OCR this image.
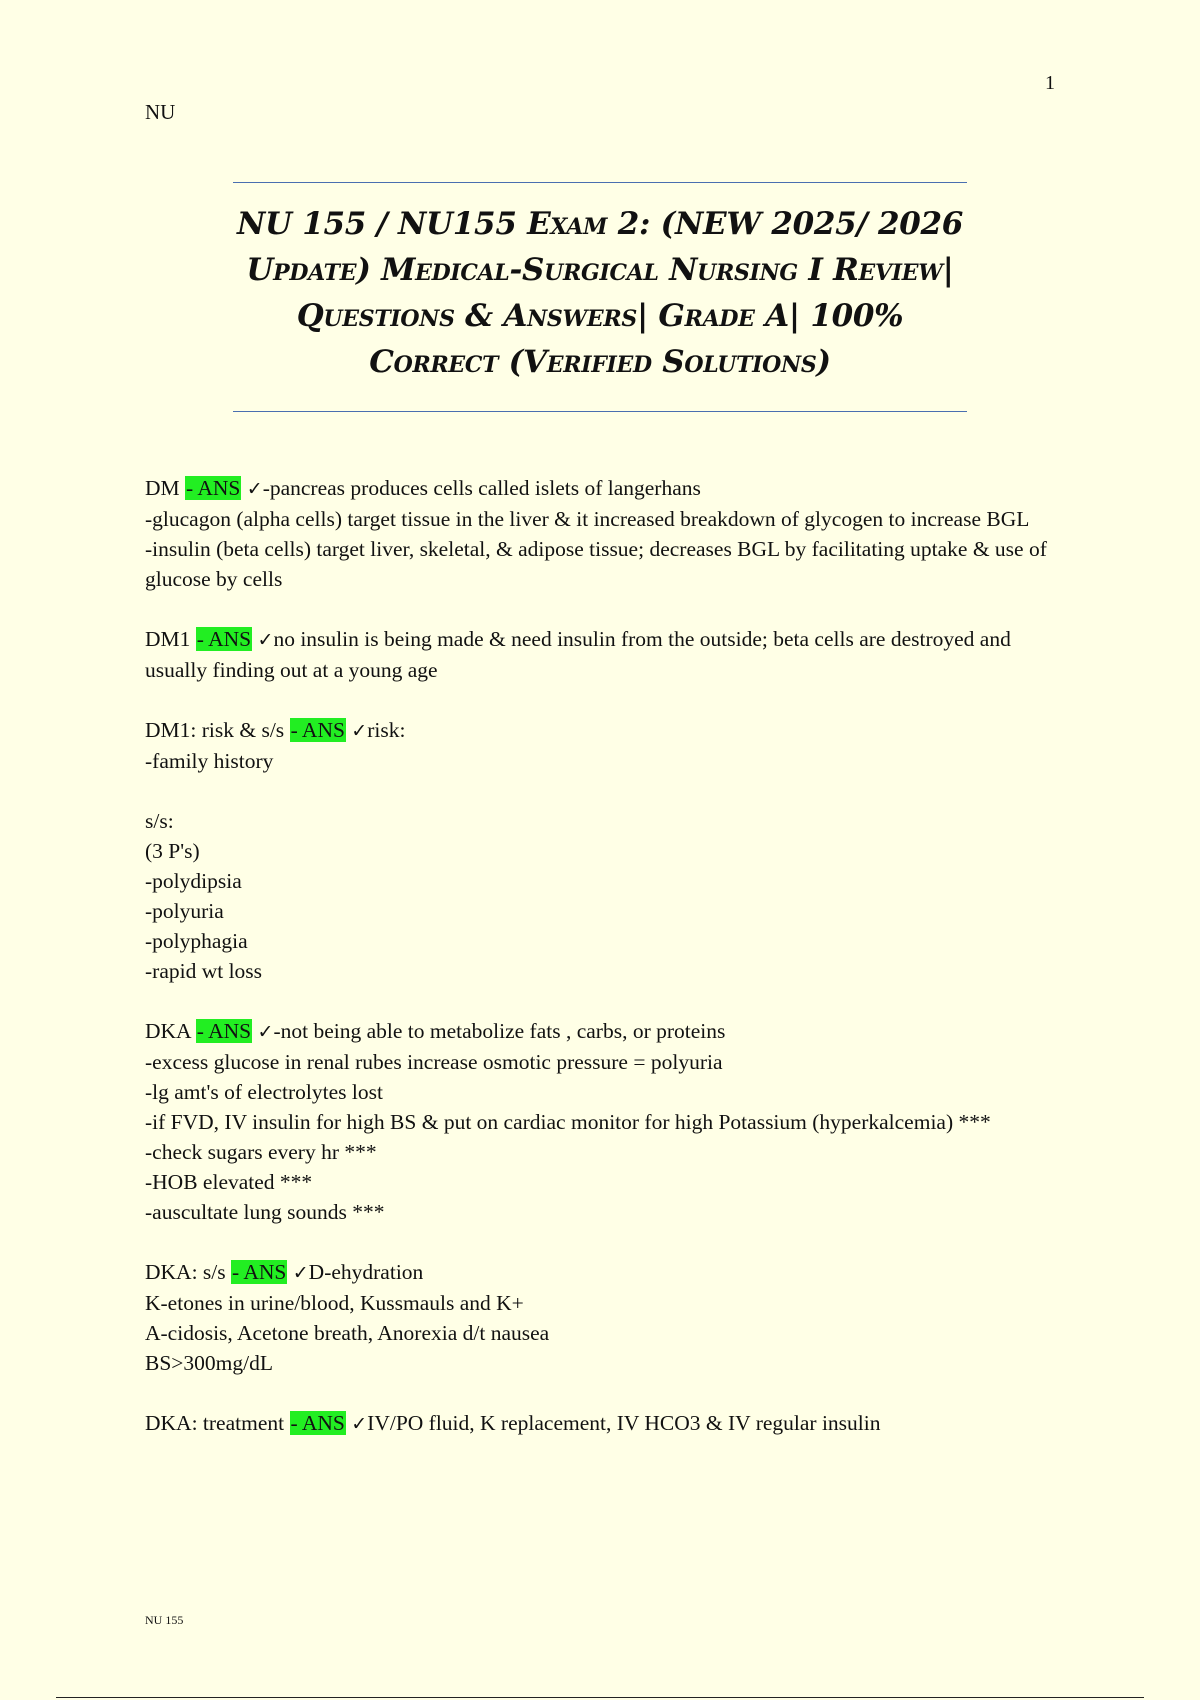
1
NU
NU 155 / NU155 Exam 2: (NEW 2025/ 2026
Update) Medical-Surgical Nursing I Review|
Questions & Answers| Grade A| 100%
Correct (Verified Solutions)
DM - ANS ✓-pancreas produces cells called islets of langerhans
-glucagon (alpha cells) target tissue in the liver & it increased breakdown of glycogen to increase BGL
-insulin (beta cells) target liver, skeletal, & adipose tissue; decreases BGL by facilitating uptake & use of glucose by cells
DM1 - ANS ✓no insulin is being made & need insulin from the outside; beta cells are destroyed and usually finding out at a young age
DM1: risk & s/s - ANS ✓risk:
-family history
s/s:
(3 P's)
-polydipsia
-polyuria
-polyphagia
-rapid wt loss
DKA - ANS ✓-not being able to metabolize fats , carbs, or proteins
-excess glucose in renal rubes increase osmotic pressure = polyuria
-lg amt's of electrolytes lost
-if FVD, IV insulin for high BS & put on cardiac monitor for high Potassium (hyperkalcemia) ***
-check sugars every hr ***
-HOB elevated ***
-auscultate lung sounds ***
DKA: s/s - ANS ✓D-ehydration
K-etones in urine/blood, Kussmauls and K+
A-cidosis, Acetone breath, Anorexia d/t nausea
BS>300mg/dL
DKA: treatment - ANS ✓IV/PO fluid, K replacement, IV HCO3 & IV regular insulin
NU 155
